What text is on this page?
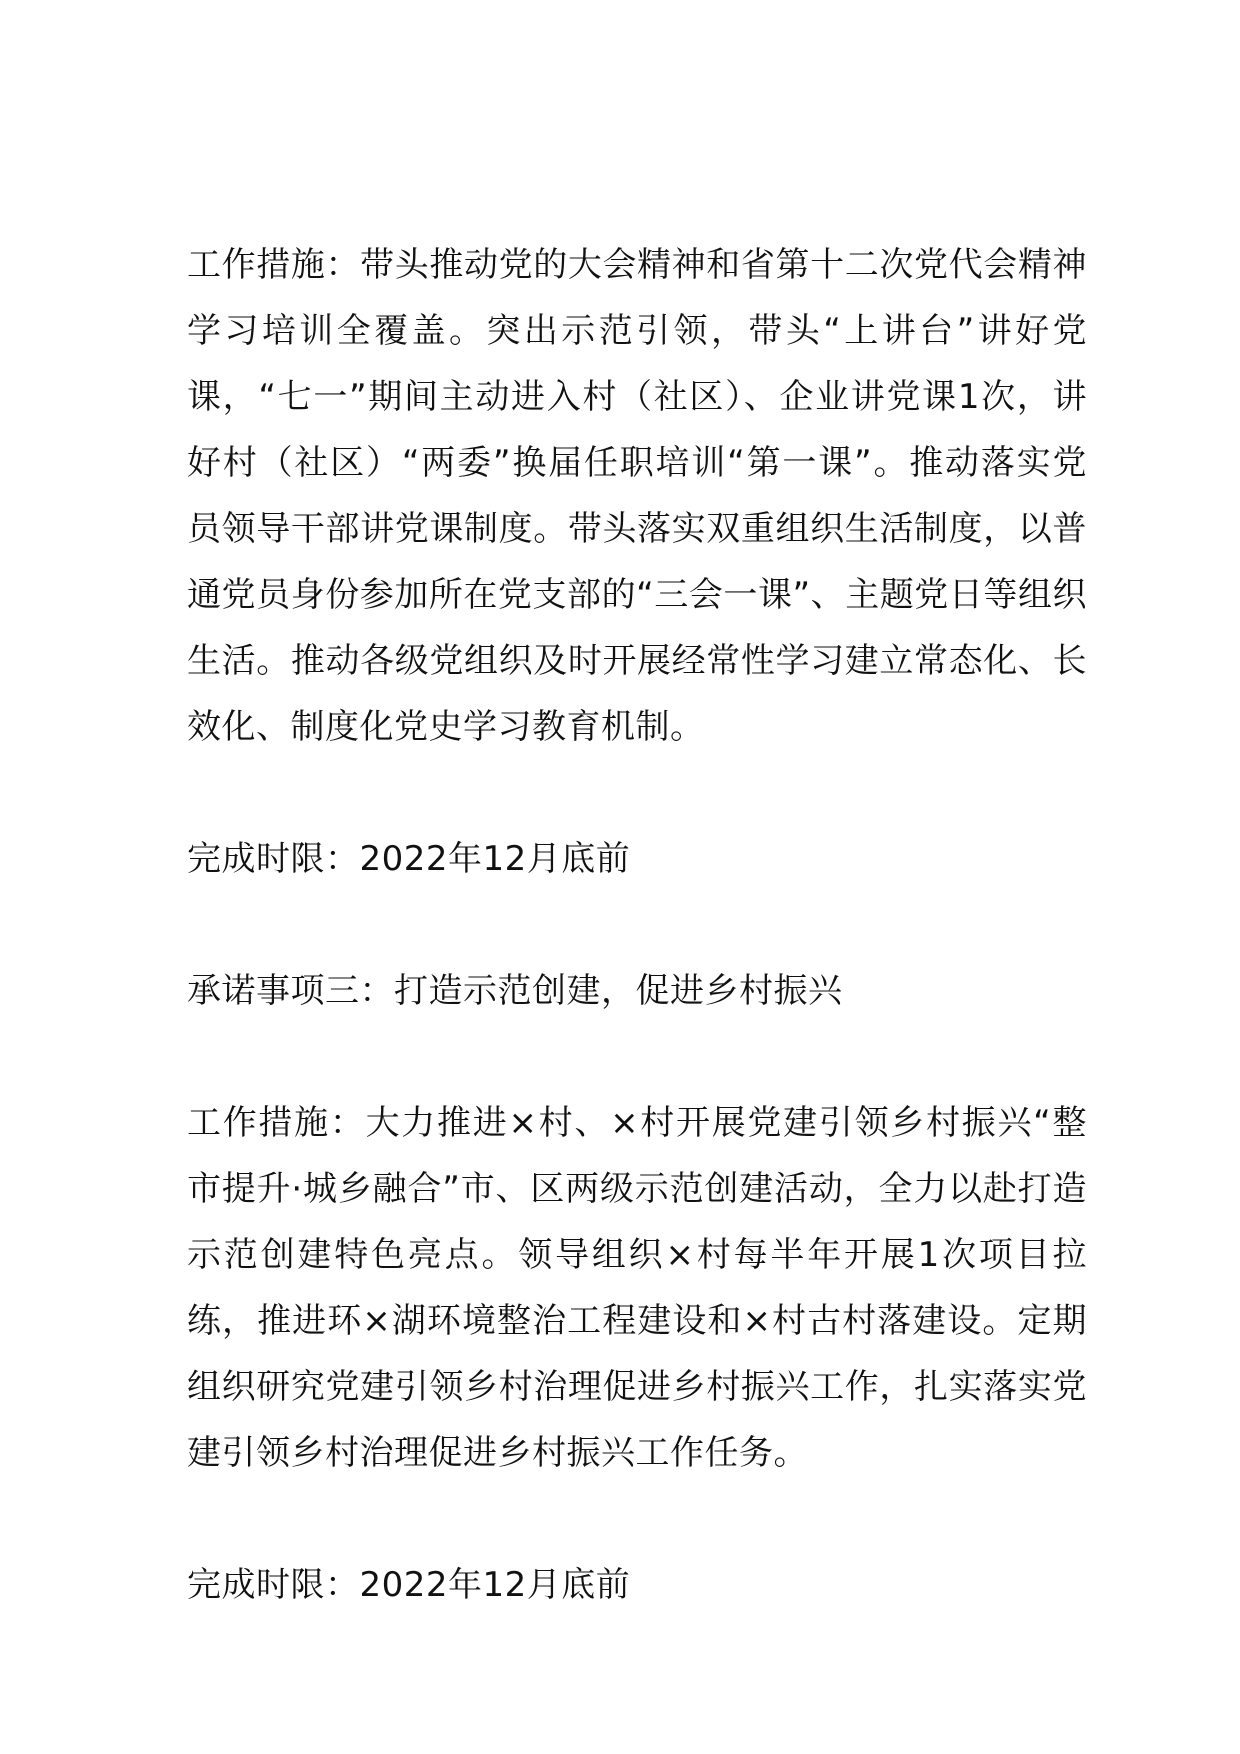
工作措施：带头推动党的大会精神和省第十二次党代会精神学习培训全覆盖。突出示范引领，带头“上讲台”讲好党课，“七一”期间主动进入村（社区）、企业讲党课1次，讲好村（社区）“两委”换届任职培训“第一课”。推动落实党员领导干部讲党课制度。带头落实双重组织生活制度，以普通党员身份参加所在党支部的“三会一课”、主题党日等组织生活。推动各级党组织及时开展经常性学习建立常态化、长效化、制度化党史学习教育机制。

完成时限：2022年12月底前

承诺事项三：打造示范创建，促进乡村振兴

工作措施：大力推进×村、×村开展党建引领乡村振兴“整市提升·城乡融合”市、区两级示范创建活动，全力以赴打造示范创建特色亮点。领导组织×村每半年开展1次项目拉练，推进环×湖环境整治工程建设和×村古村落建设。定期组织研究党建引领乡村治理促进乡村振兴工作，扎实落实党建引领乡村治理促进乡村振兴工作任务。

完成时限：2022年12月底前
